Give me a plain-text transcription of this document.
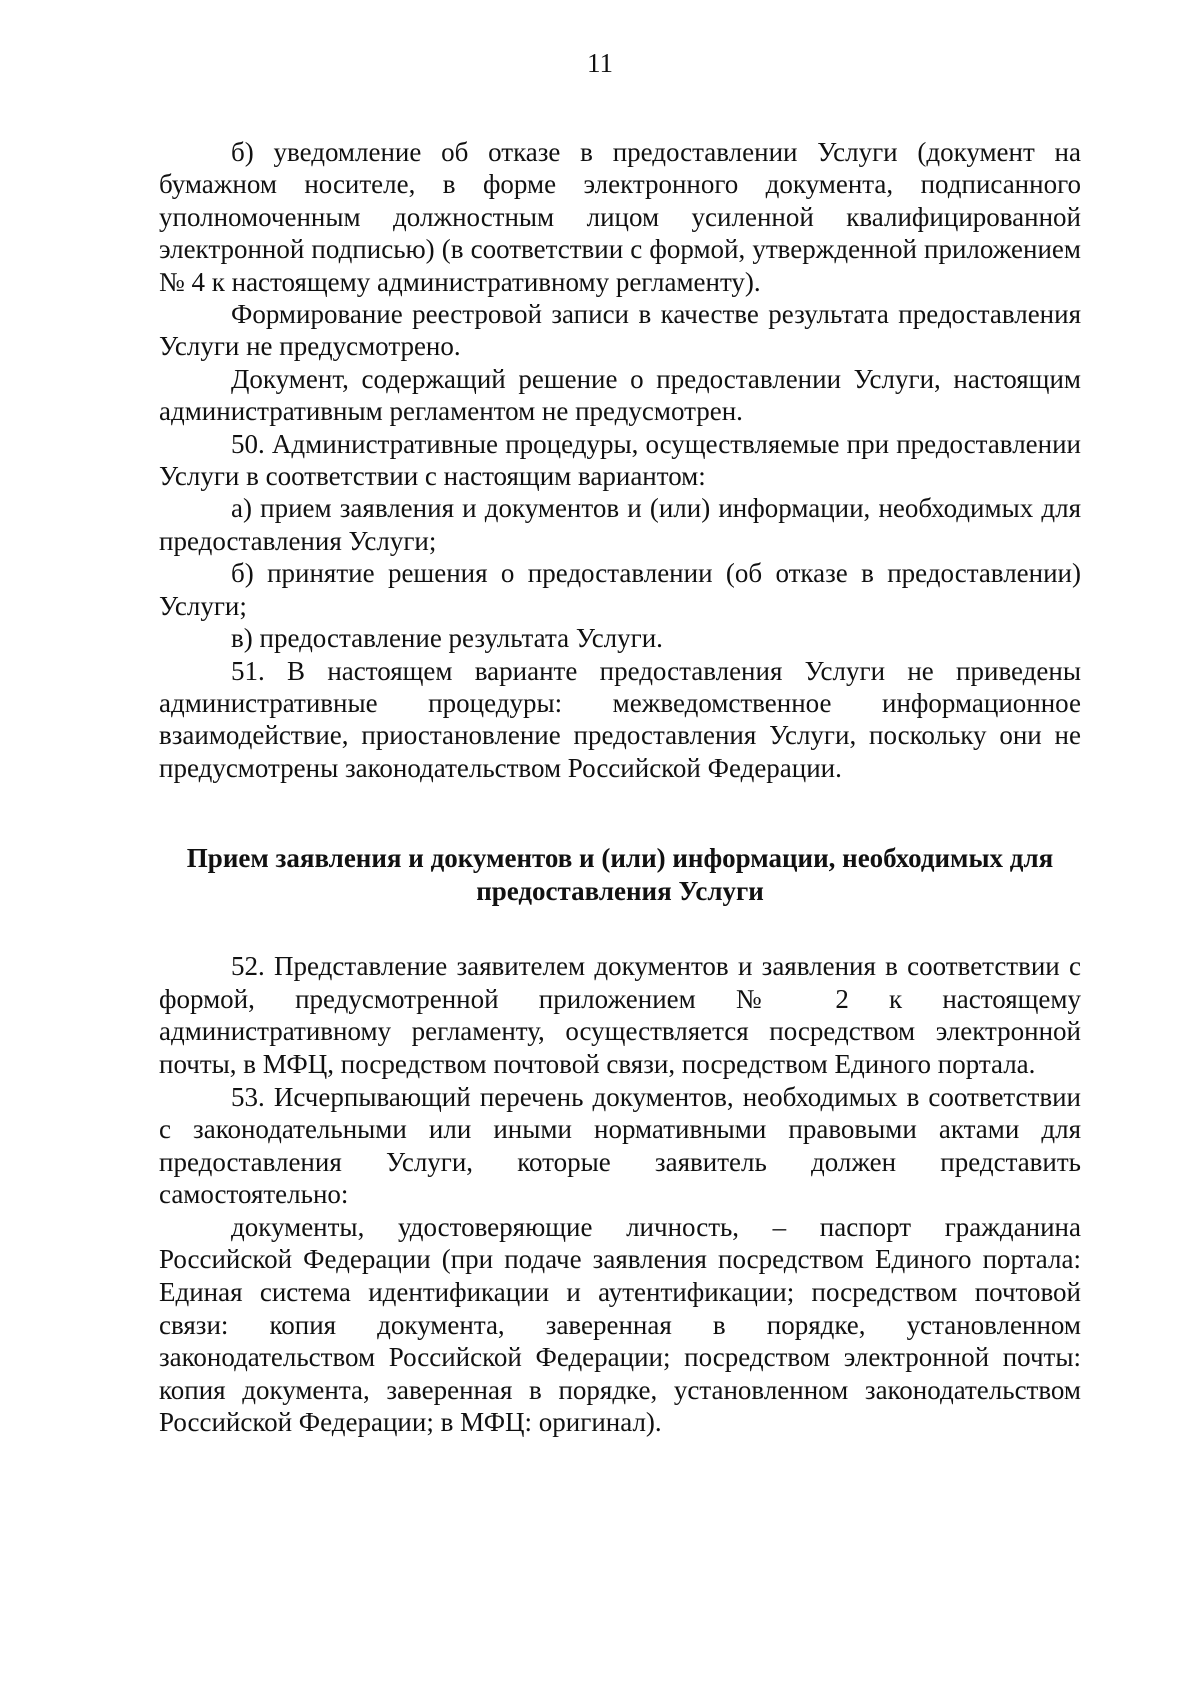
11

б) уведомление об отказе в предоставлении Услуги (документ на бумажном носителе, в форме электронного документа, подписанного уполномоченным должностным лицом усиленной квалифицированной электронной подписью) (в соответствии с формой, утвержденной приложением № 4 к настоящему административному регламенту).

Формирование реестровой записи в качестве результата предоставления Услуги не предусмотрено.

Документ, содержащий решение о предоставлении Услуги, настоящим административным регламентом не предусмотрен.

50. Административные процедуры, осуществляемые при предоставлении Услуги в соответствии с настоящим вариантом:

а) прием заявления и документов и (или) информации, необходимых для предоставления Услуги;

б) принятие решения о предоставлении (об отказе в предоставлении) Услуги;

в) предоставление результата Услуги.

51. В настоящем варианте предоставления Услуги не приведены административные процедуры: межведомственное информационное взаимодействие, приостановление предоставления Услуги, поскольку они не предусмотрены законодательством Российской Федерации.

Прием заявления и документов и (или) информации, необходимых для предоставления Услуги

52. Представление заявителем документов и заявления в соответствии с формой, предусмотренной приложением № 2 к настоящему административному регламенту, осуществляется посредством электронной почты, в МФЦ, посредством почтовой связи, посредством Единого портала.

53. Исчерпывающий перечень документов, необходимых в соответствии с законодательными или иными нормативными правовыми актами для предоставления Услуги, которые заявитель должен представить самостоятельно:

документы, удостоверяющие личность, – паспорт гражданина Российской Федерации (при подаче заявления посредством Единого портала: Единая система идентификации и аутентификации; посредством почтовой связи: копия документа, заверенная в порядке, установленном законодательством Российской Федерации; посредством электронной почты: копия документа, заверенная в порядке, установленном законодательством Российской Федерации; в МФЦ: оригинал).
